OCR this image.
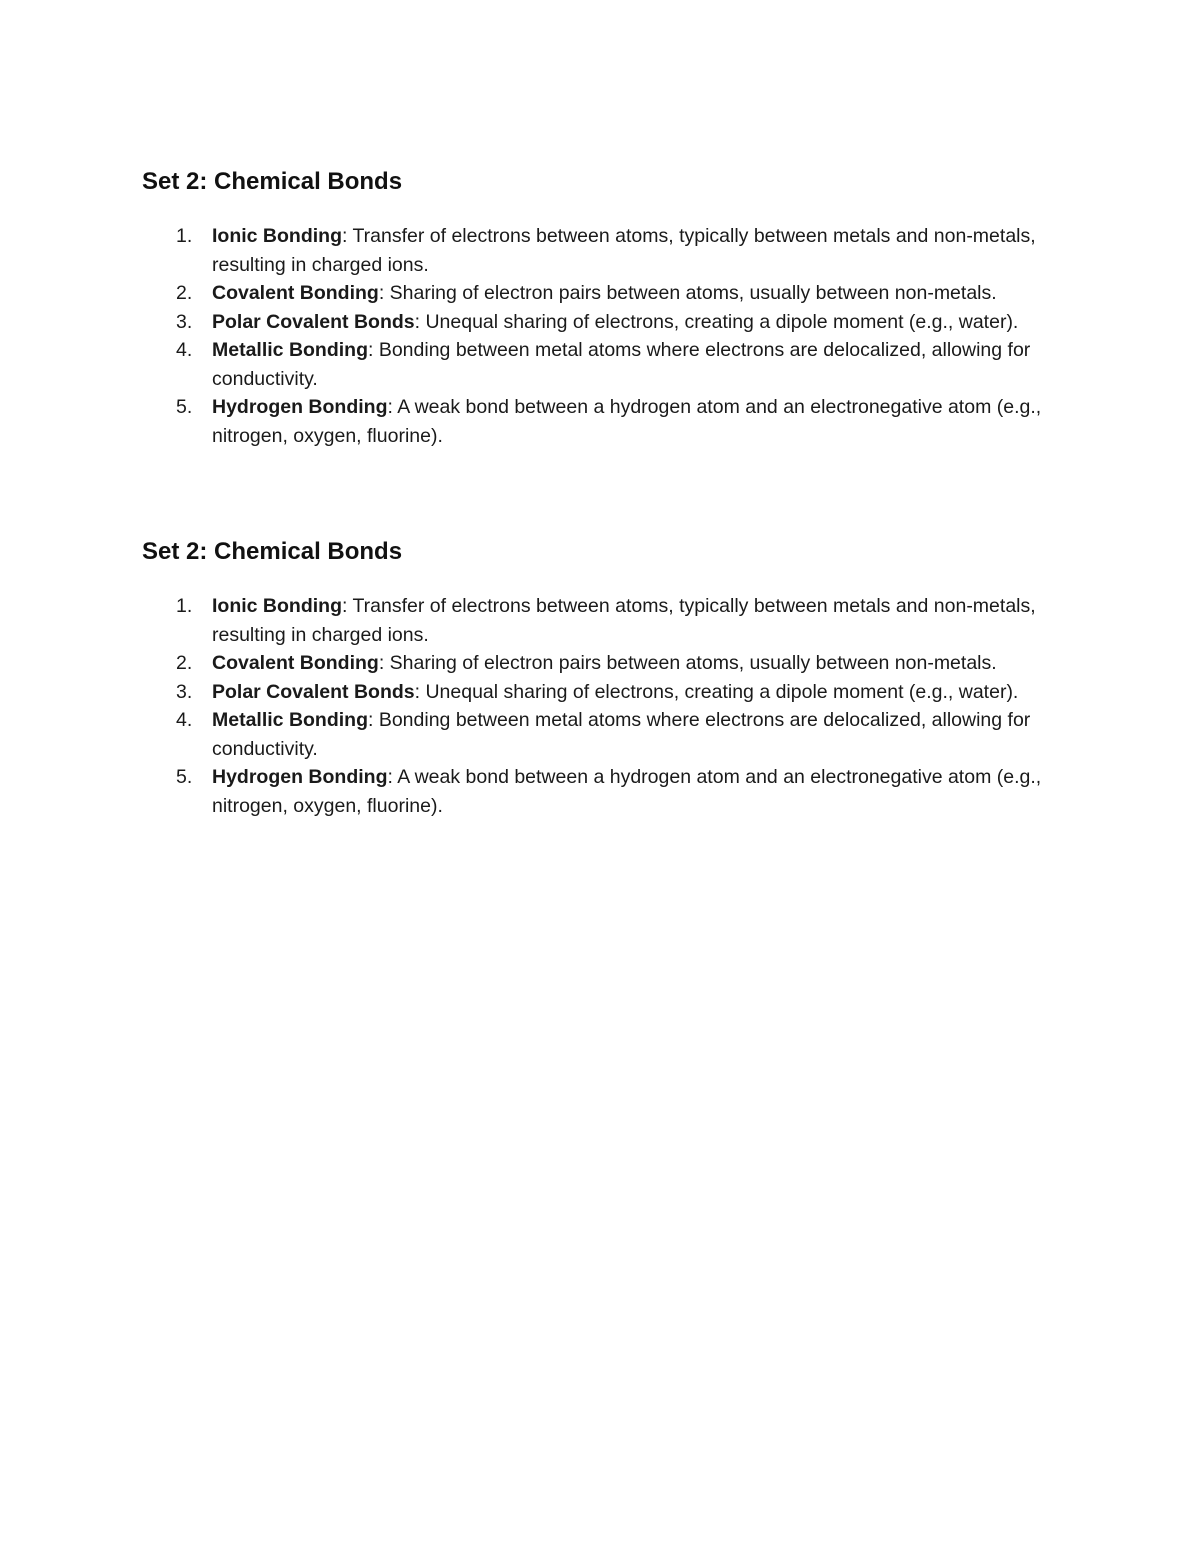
Set 2: Chemical Bonds
1. Ionic Bonding: Transfer of electrons between atoms, typically between metals and non-metals, resulting in charged ions.
2. Covalent Bonding: Sharing of electron pairs between atoms, usually between non-metals.
3. Polar Covalent Bonds: Unequal sharing of electrons, creating a dipole moment (e.g., water).
4. Metallic Bonding: Bonding between metal atoms where electrons are delocalized, allowing for conductivity.
5. Hydrogen Bonding: A weak bond between a hydrogen atom and an electronegative atom (e.g., nitrogen, oxygen, fluorine).
Set 2: Chemical Bonds
1. Ionic Bonding: Transfer of electrons between atoms, typically between metals and non-metals, resulting in charged ions.
2. Covalent Bonding: Sharing of electron pairs between atoms, usually between non-metals.
3. Polar Covalent Bonds: Unequal sharing of electrons, creating a dipole moment (e.g., water).
4. Metallic Bonding: Bonding between metal atoms where electrons are delocalized, allowing for conductivity.
5. Hydrogen Bonding: A weak bond between a hydrogen atom and an electronegative atom (e.g., nitrogen, oxygen, fluorine).
